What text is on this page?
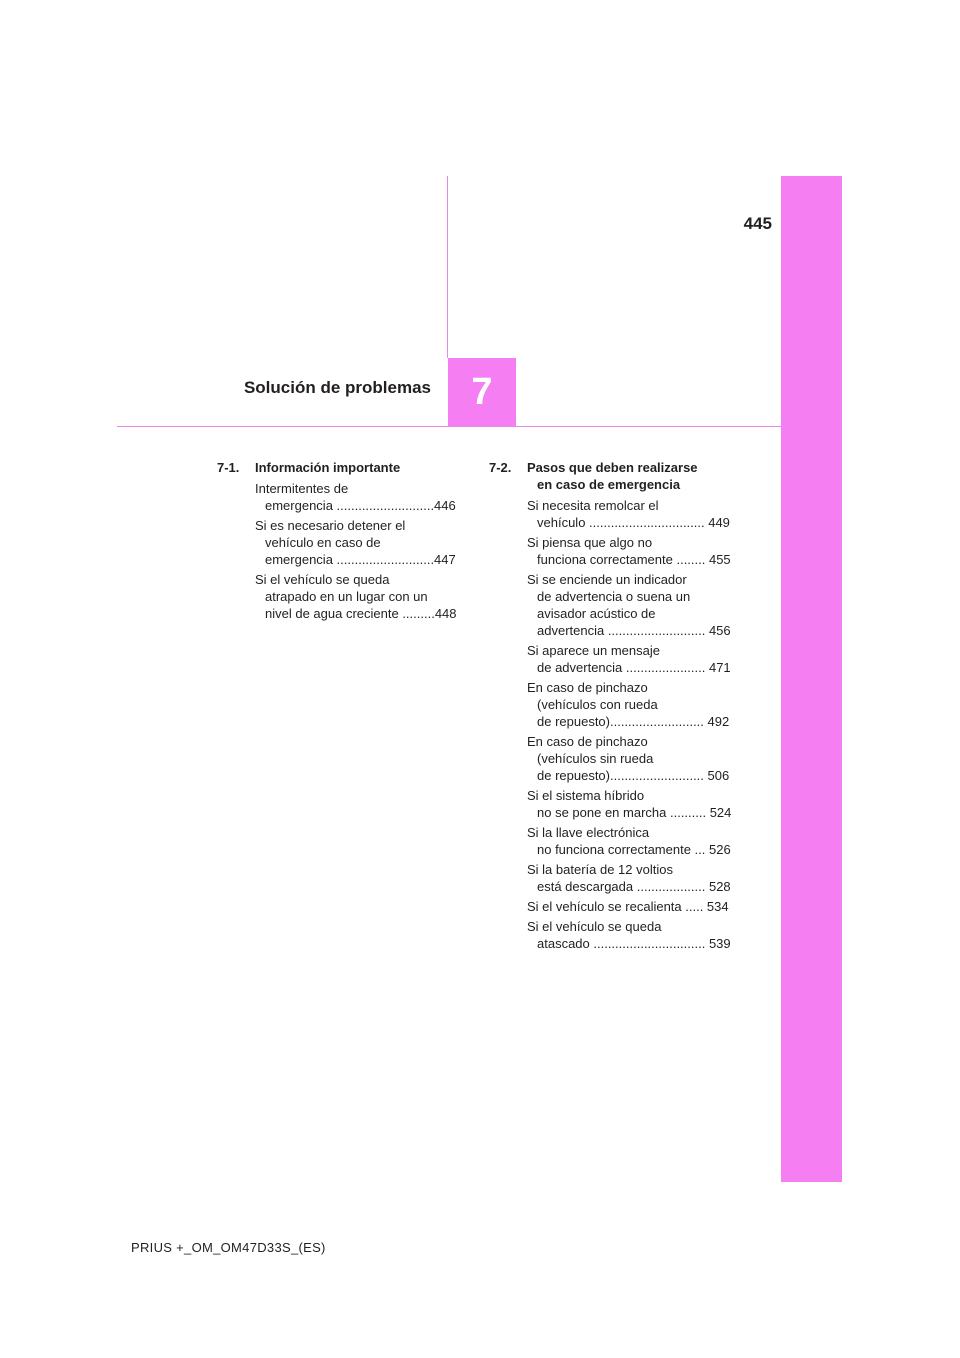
445
7
Solución de problemas
7-1.	Información importante
Intermitentes de
emergencia ...........................446
Si es necesario detener el
vehículo en caso de
emergencia ...........................447
Si el vehículo se queda
atrapado en un lugar con un
nivel de agua creciente .........448
7-2.	Pasos que deben realizarse
en caso de emergencia
Si necesita remolcar el
vehículo ................................ 449
Si piensa que algo no
funciona correctamente ........ 455
Si se enciende un indicador
de advertencia o suena un
avisador acústico de
advertencia ........................... 456
Si aparece un mensaje
de advertencia ...................... 471
En caso de pinchazo
(vehículos con rueda
de repuesto).......................... 492
En caso de pinchazo
(vehículos sin rueda
de repuesto).......................... 506
Si el sistema híbrido
no se pone en marcha .......... 524
Si la llave electrónica
no funciona correctamente ... 526
Si la batería de 12 voltios
está descargada ................... 528
Si el vehículo se recalienta ..... 534
Si el vehículo se queda
atascado ............................... 539
PRIUS +_OM_OM47D33S_(ES)
